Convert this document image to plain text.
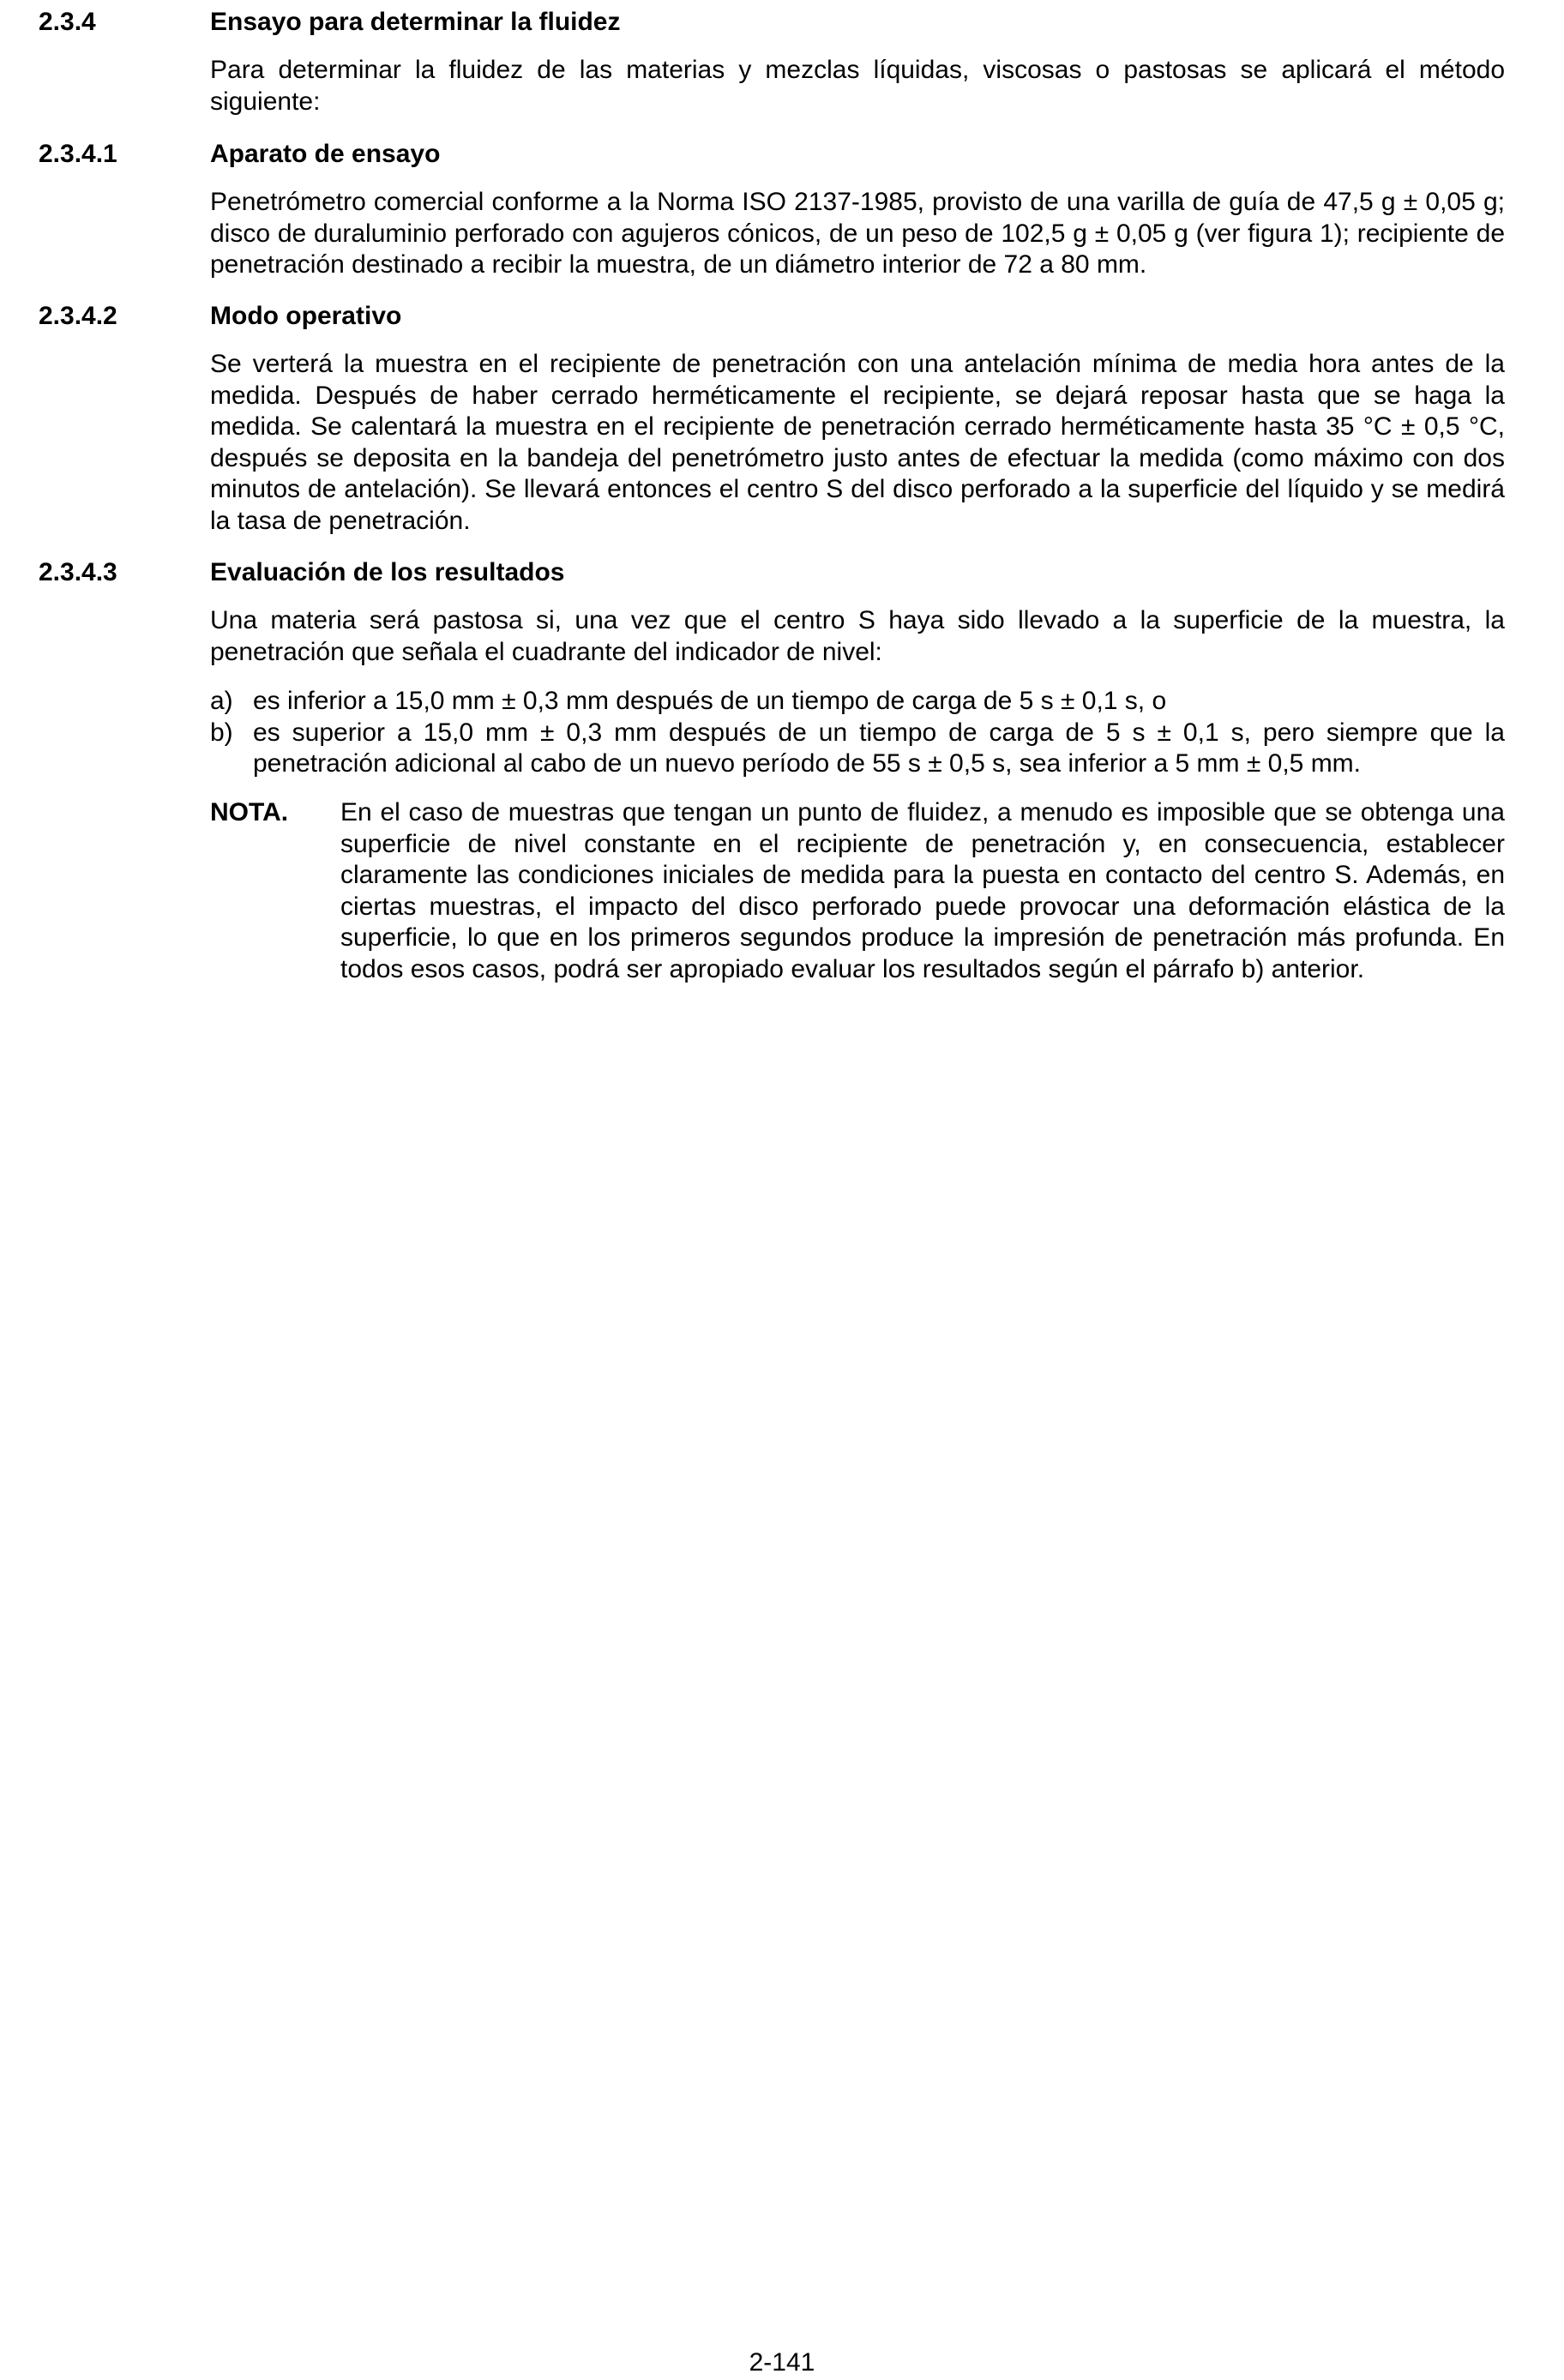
2.3.4	Ensayo para determinar la fluidez
Para determinar la fluidez de las materias y mezclas líquidas, viscosas o pastosas se aplicará el método siguiente:
2.3.4.1	Aparato de ensayo
Penetrómetro comercial conforme a la Norma ISO 2137-1985, provisto de una varilla de guía de 47,5 g ± 0,05 g; disco de duraluminio perforado con agujeros cónicos, de un peso de 102,5 g ± 0,05 g (ver figura 1); recipiente de penetración destinado a recibir la muestra, de un diámetro interior de 72 a 80 mm.
2.3.4.2	Modo operativo
Se verterá la muestra en el recipiente de penetración con una antelación mínima de media hora antes de la medida. Después de haber cerrado herméticamente el recipiente, se dejará reposar hasta que se haga la medida. Se calentará la muestra en el recipiente de penetración cerrado herméticamente hasta 35 °C ± 0,5 °C, después se deposita en la bandeja del penetrómetro justo antes de efectuar la medida (como máximo con dos minutos de antelación). Se llevará entonces el centro S del disco perforado a la superficie del líquido y se medirá la tasa de penetración.
2.3.4.3	Evaluación de los resultados
Una materia será pastosa si, una vez que el centro S haya sido llevado a la superficie de la muestra, la penetración que señala el cuadrante del indicador de nivel:
a) es inferior a 15,0 mm ± 0,3 mm después de un tiempo de carga de 5 s ± 0,1 s, o
b) es superior a 15,0 mm ± 0,3 mm después de un tiempo de carga de 5 s ± 0,1 s, pero siempre que la penetración adicional al cabo de un nuevo período de 55 s ± 0,5 s, sea inferior a 5 mm ± 0,5 mm.
NOTA.	En el caso de muestras que tengan un punto de fluidez, a menudo es imposible que se obtenga una superficie de nivel constante en el recipiente de penetración y, en consecuencia, establecer claramente las condiciones iniciales de medida para la puesta en contacto del centro S. Además, en ciertas muestras, el impacto del disco perforado puede provocar una deformación elástica de la superficie, lo que en los primeros segundos produce la impresión de penetración más profunda. En todos esos casos, podrá ser apropiado evaluar los resultados según el párrafo b) anterior.
2-141
